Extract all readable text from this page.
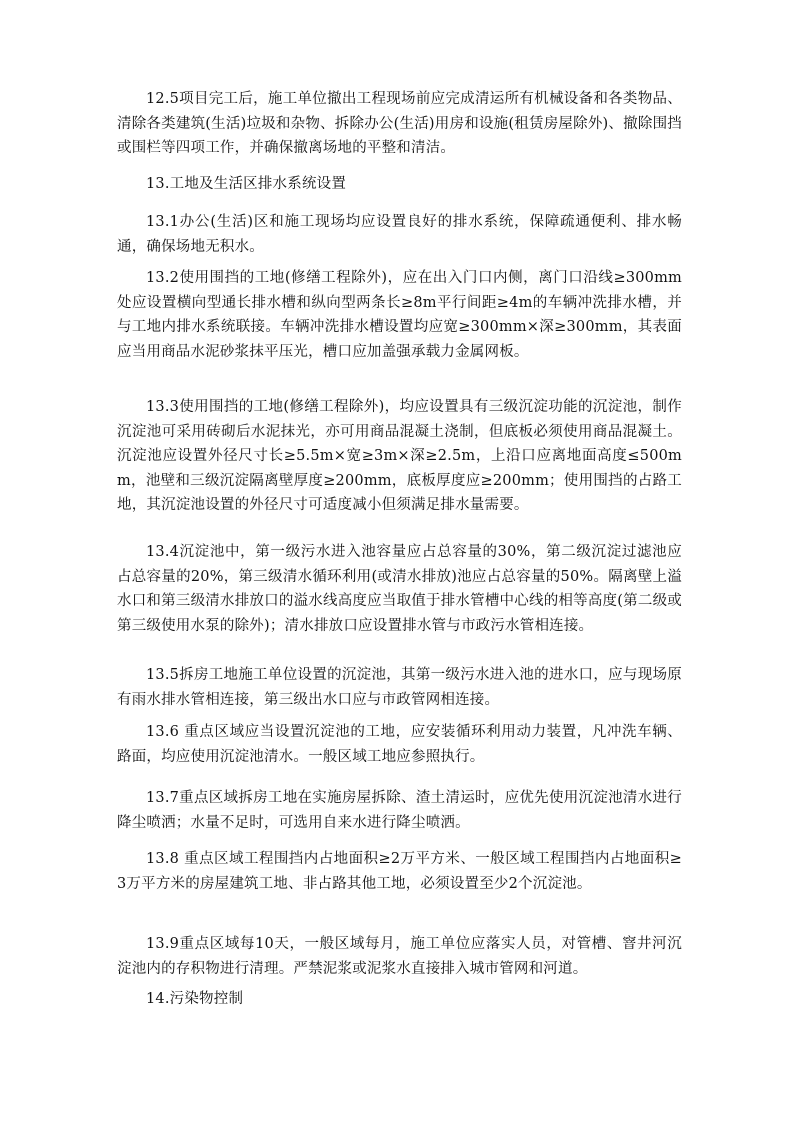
12.5项目完工后，施工单位撤出工程现场前应完成清运所有机械设备和各类物品、清除各类建筑(生活)垃圾和杂物、拆除办公(生活)用房和设施(租赁房屋除外)、撤除围挡或围栏等四项工作，并确保撤离场地的平整和清洁。

13.工地及生活区排水系统设置

13.1办公(生活)区和施工现场均应设置良好的排水系统，保障疏通便利、排水畅通，确保场地无积水。

13.2使用围挡的工地(修缮工程除外)，应在出入门口内侧，离门口沿线≥300mm处应设置横向型通长排水槽和纵向型两条长≥8m平行间距≥4m的车辆冲洗排水槽，并与工地内排水系统联接。车辆冲洗排水槽设置均应宽≥300mm×深≥300mm，其表面应当用商品水泥砂浆抹平压光，槽口应加盖强承载力金属网板。

13.3使用围挡的工地(修缮工程除外)，均应设置具有三级沉淀功能的沉淀池，制作沉淀池可采用砖砌后水泥抹光，亦可用商品混凝土浇制，但底板必须使用商品混凝土。沉淀池应设置外径尺寸长≥5.5m×宽≥3m×深≥2.5m，上沿口应离地面高度≤500mm，池壁和三级沉淀隔离壁厚度≥200mm，底板厚度应≥200mm；使用围挡的占路工地，其沉淀池设置的外径尺寸可适度减小但须满足排水量需要。

13.4沉淀池中，第一级污水进入池容量应占总容量的30%，第二级沉淀过滤池应占总容量的20%，第三级清水循环利用(或清水排放)池应占总容量的50%。隔离壁上溢水口和第三级清水排放口的溢水线高度应当取值于排水管槽中心线的相等高度(第二级或第三级使用水泵的除外)；清水排放口应设置排水管与市政污水管相连接。

13.5拆房工地施工单位设置的沉淀池，其第一级污水进入池的进水口，应与现场原有雨水排水管相连接，第三级出水口应与市政管网相连接。

13.6 重点区域应当设置沉淀池的工地，应安装循环利用动力装置，凡冲洗车辆、路面，均应使用沉淀池清水。一般区域工地应参照执行。

13.7重点区域拆房工地在实施房屋拆除、渣土清运时，应优先使用沉淀池清水进行降尘喷洒；水量不足时，可选用自来水进行降尘喷洒。

13.8 重点区域工程围挡内占地面积≥2万平方米、一般区域工程围挡内占地面积≥3万平方米的房屋建筑工地、非占路其他工地，必须设置至少2个沉淀池。

13.9重点区域每10天，一般区域每月，施工单位应落实人员，对管槽、窨井河沉淀池内的存积物进行清理。严禁泥浆或泥浆水直接排入城市管网和河道。

14.污染物控制
